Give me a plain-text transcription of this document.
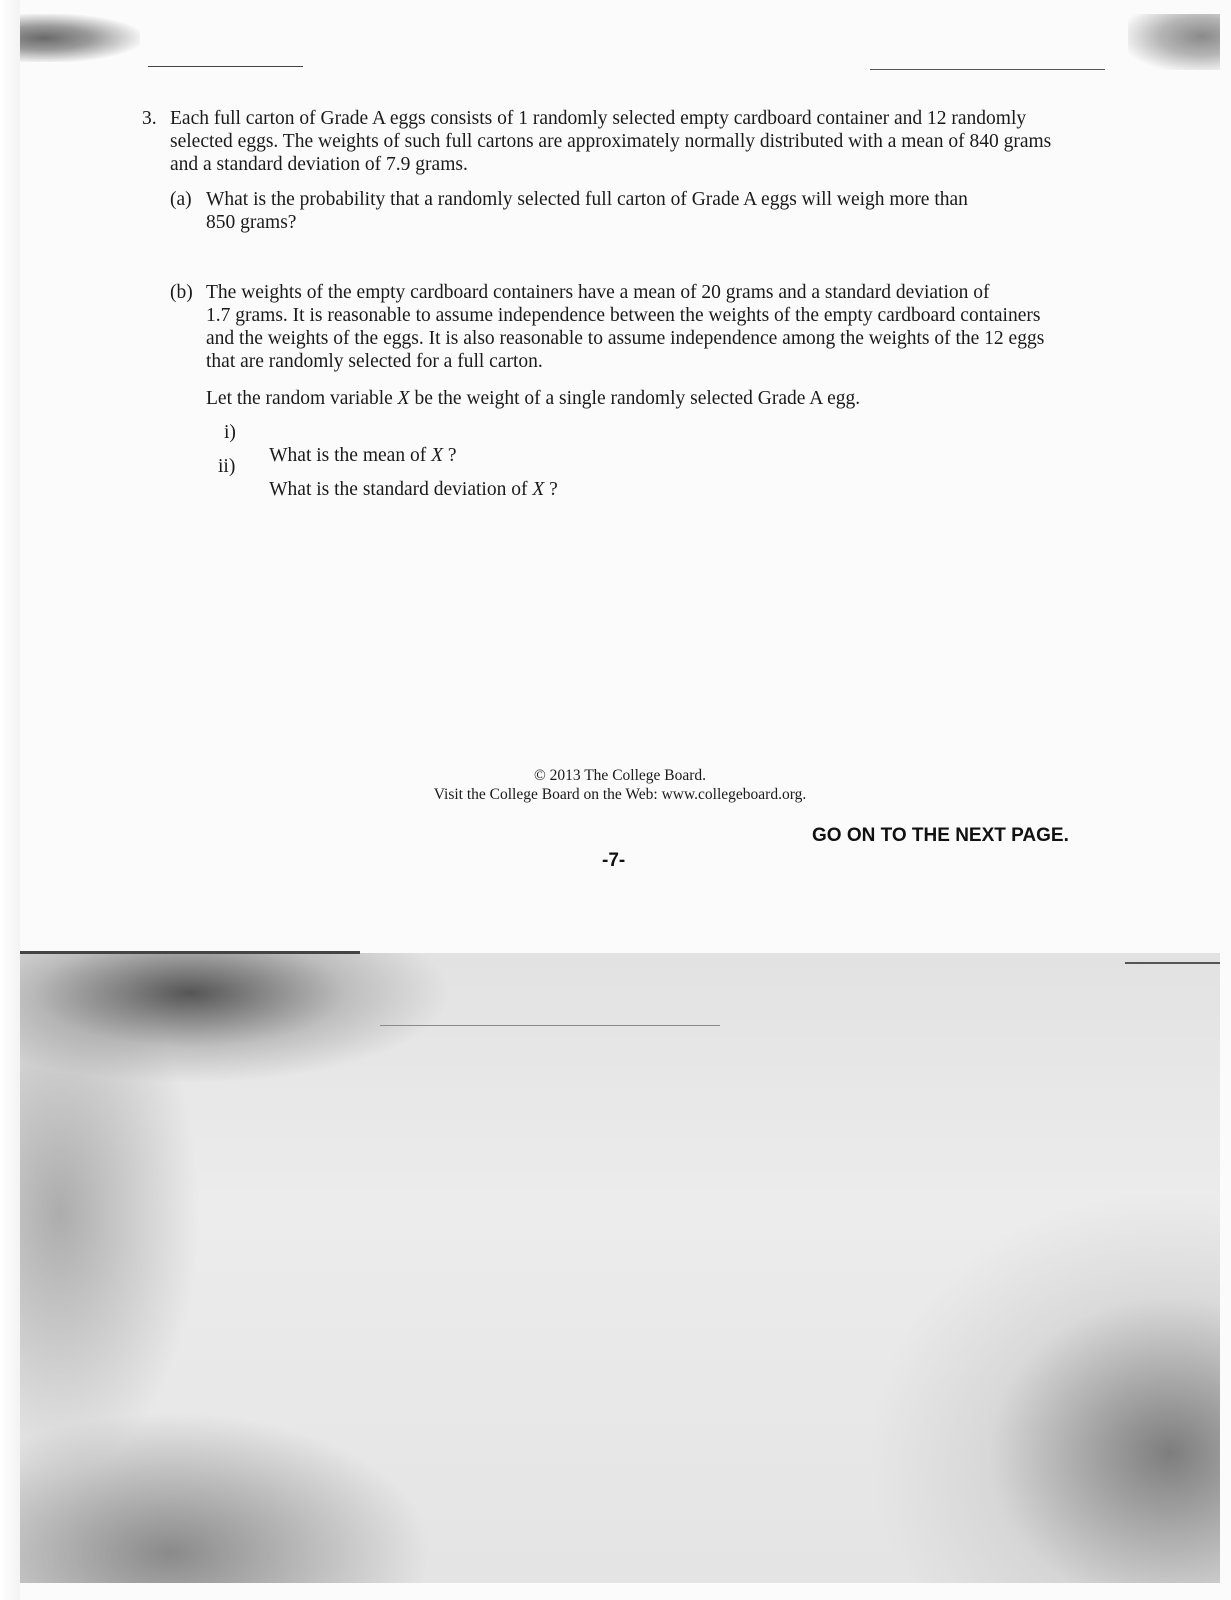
3. Each full carton of Grade A eggs consists of 1 randomly selected empty cardboard container and 12 randomly
selected eggs. The weights of such full cartons are approximately normally distributed with a mean of 840 grams
and a standard deviation of 7.9 grams.
(a) What is the probability that a randomly selected full carton of Grade A eggs will weigh more than
850 grams?
(b) The weights of the empty cardboard containers have a mean of 20 grams and a standard deviation of
1.7 grams. It is reasonable to assume independence between the weights of the empty cardboard containers
and the weights of the eggs. It is also reasonable to assume independence among the weights of the 12 eggs
that are randomly selected for a full carton.
Let the random variable X be the weight of a single randomly selected Grade A egg.
i)

What is the mean of X ?

ii)

What is the standard deviation of X ?

© 2013 The College Board.
Visit the College Board on the Web: www.collegeboard.org.
GO ON TO THE NEXT PAGE.
-7-
